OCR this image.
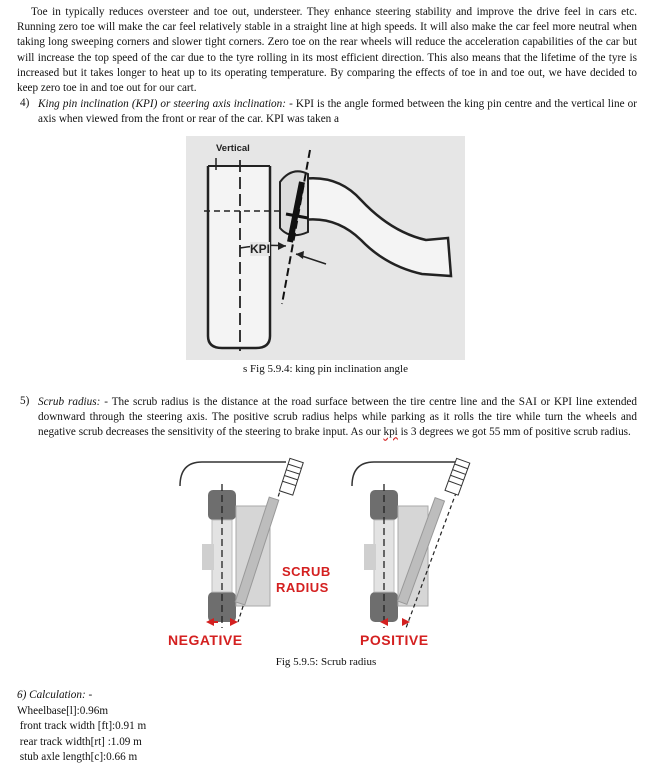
Toe in typically reduces oversteer and toe out, understeer. They enhance steering stability and improve the drive feel in cars etc. Running zero toe will make the car feel relatively stable in a straight line at high speeds. It will also make the car feel more neutral when taking long sweeping corners and slower tight corners. Zero toe on the rear wheels will reduce the acceleration capabilities of the car but will increase the top speed of the car due to the tyre rolling in its most efficient direction. This also means that the lifetime of the tyre is increased but it takes longer to heat up to its operating temperature. By comparing the effects of toe in and toe out, we have decided to keep zero toe in and toe out for our cart.

4) King pin inclination (KPI) or steering axis inclination: - KPI is the angle formed between the king pin centre and the vertical line or axis when viewed from the front or rear of the car. KPI was taken a
Vertical
KPI
s Fig 5.9.4: king pin inclination angle
5) Scrub radius: - The scrub radius is the distance at the road surface between the tire centre line and the SAI or KPI line extended downward through the steering axis. The positive scrub radius helps while parking as it rolls the tire while turn the wheels and negative scrub decreases the sensitivity of the steering to brake input. As our kpi is 3 degrees we got 55 mm of positive scrub radius.
SCRUB
RADIUS
NEGATIVE	POSITIVE
Fig 5.9.5: Scrub radius
6) Calculation: -
Wheelbase[l]:0.96m
front track width [ft]:0.91 m
rear track width[rt] :1.09 m
stub axle length[c]:0.66 m
